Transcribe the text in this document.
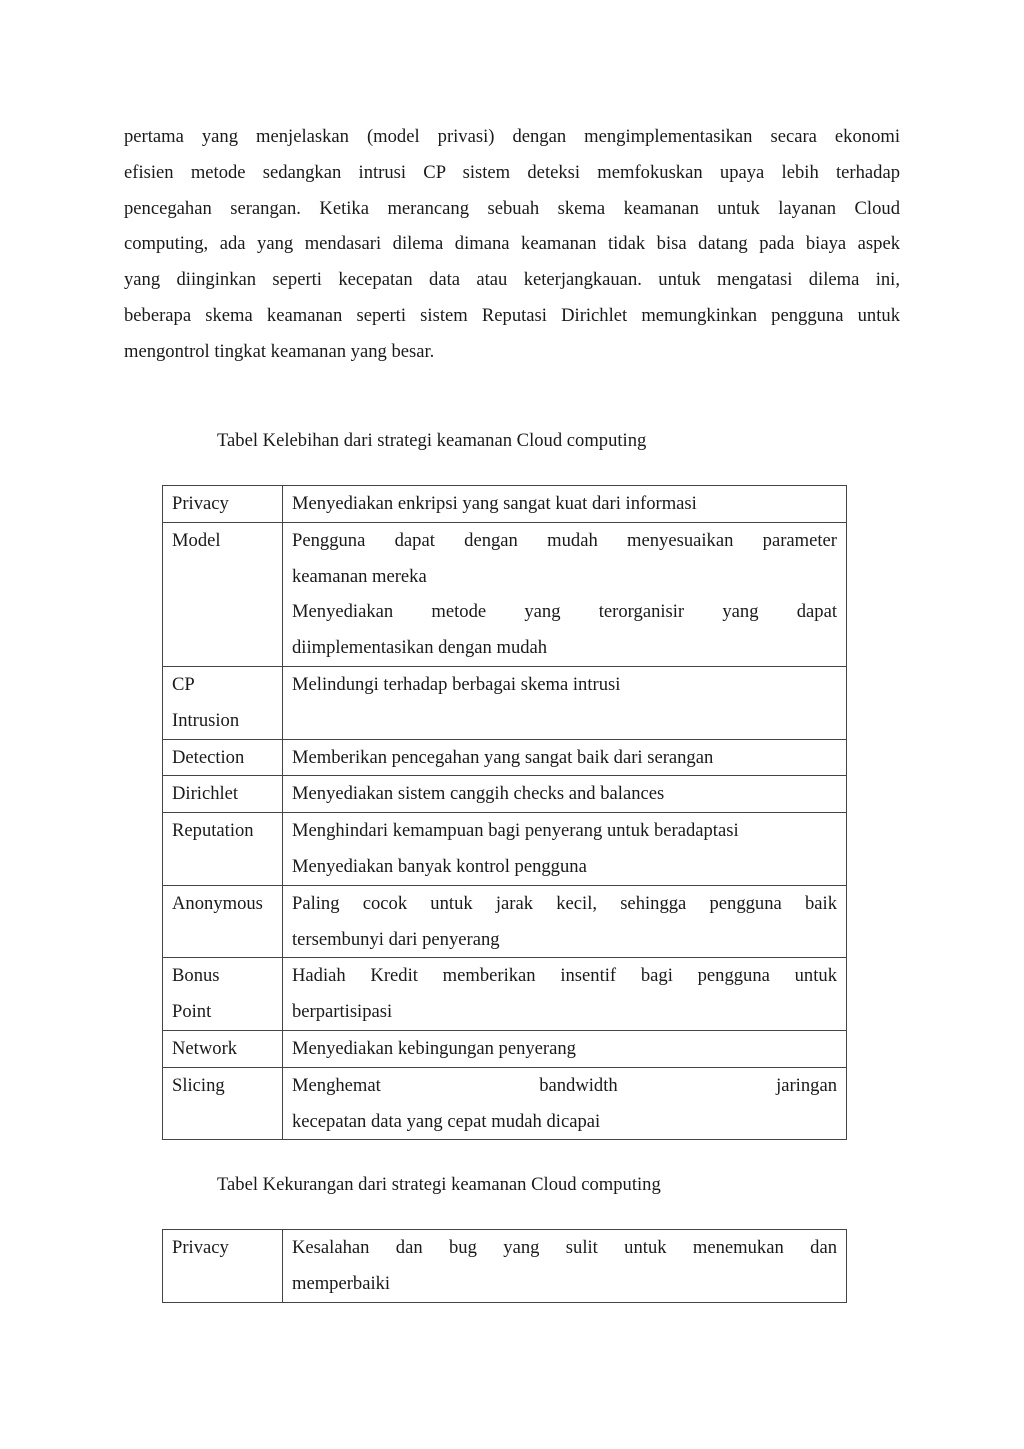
pertama yang menjelaskan (model privasi) dengan mengimplementasikan secara ekonomi
efisien metode sedangkan intrusi CP sistem deteksi memfokuskan upaya lebih terhadap
pencegahan serangan. Ketika merancang sebuah skema keamanan untuk layanan Cloud
computing, ada yang mendasari dilema dimana keamanan tidak bisa datang pada biaya aspek
yang diinginkan seperti kecepatan data atau keterjangkauan. untuk mengatasi dilema ini,
beberapa skema keamanan seperti sistem Reputasi Dirichlet memungkinkan pengguna untuk
mengontrol tingkat keamanan yang besar.

Tabel Kelebihan dari strategi keamanan Cloud computing

Privacy	Menyediakan enkripsi yang sangat kuat dari informasi

Model	Pengguna dapat dengan mudah menyesuaikan parameter
keamanan mereka
Menyediakan metode yang terorganisir yang dapat
diimplementasikan dengan mudah

CP
Intrusion	Melindungi terhadap berbagai skema intrusi

Detection	Memberikan pencegahan yang sangat baik dari serangan

Dirichlet	Menyediakan sistem canggih checks and balances

Reputation	Menghindari kemampuan bagi penyerang untuk beradaptasi
Menyediakan banyak kontrol pengguna

Anonymous	Paling cocok untuk jarak kecil, sehingga pengguna baik
tersembunyi dari penyerang

Bonus
Point	Hadiah Kredit memberikan insentif bagi pengguna untuk
berpartisipasi

Network	Menyediakan kebingungan penyerang

Slicing	Menghemat bandwidth jaringan
kecepatan data yang cepat mudah dicapai

Tabel Kekurangan dari strategi keamanan Cloud computing

Privacy	Kesalahan dan bug yang sulit untuk menemukan dan
memperbaiki
